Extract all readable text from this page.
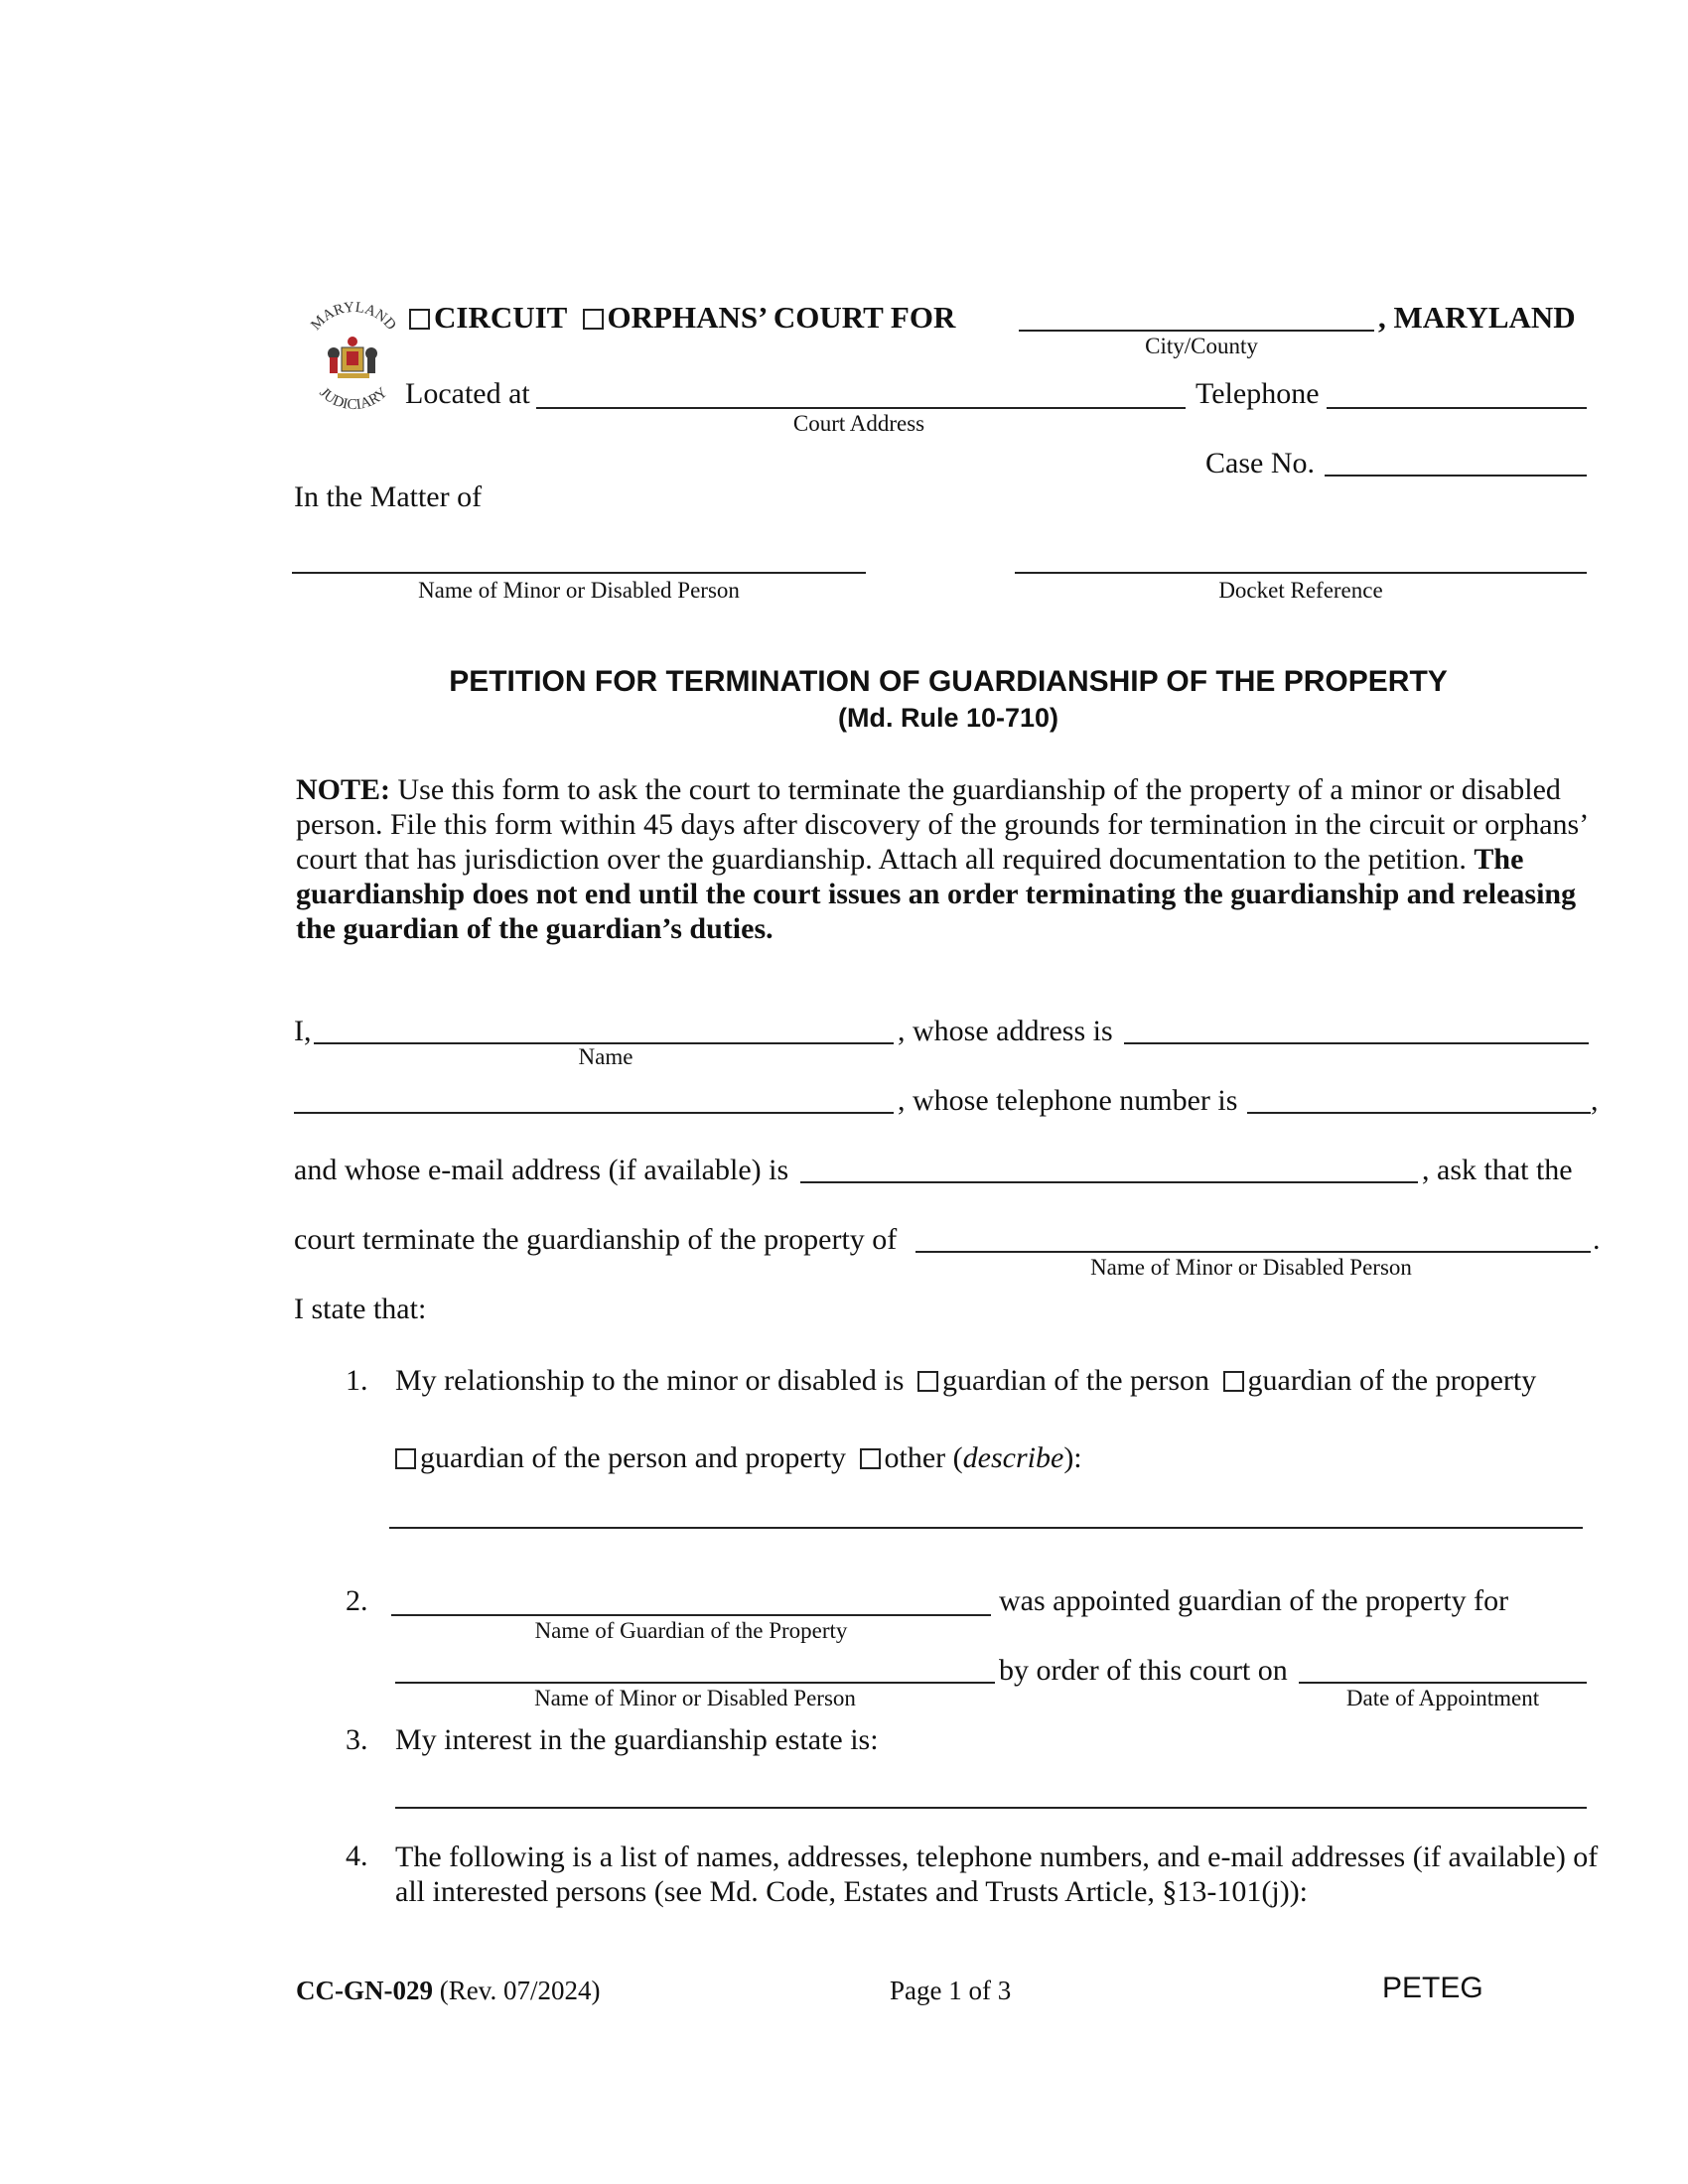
MARYLAND
JUDICIARY
CIRCUIT ORPHANS’ COURT FOR	, MARYLAND
City/County
Located at
Court Address
Telephone
Case No.
In the Matter of
Name of Minor or Disabled Person	Docket Reference
PETITION FOR TERMINATION OF GUARDIANSHIP OF THE PROPERTY
(Md. Rule 10-710)
NOTE: Use this form to ask the court to terminate the guardianship of the property of a minor or disabled person. File this form within 45 days after discovery of the grounds for termination in the circuit or orphans’ court that has jurisdiction over the guardianship. Attach all required documentation to the petition. The guardianship does not end until the court issues an order terminating the guardianship and releasing the guardian of the guardian’s duties.
I,
Name
, whose address is
, whose telephone number is	,
and whose e-mail address (if available) is	, ask that the
court terminate the guardianship of the property of	.
Name of Minor or Disabled Person
I state that:
1. My relationship to the minor or disabled is guardian of the person guardian of the property
guardian of the person and property other (describe):
2.
Name of Guardian of the Property
was appointed guardian of the property for
Name of Minor or Disabled Person
by order of this court on
Date of Appointment
3. My interest in the guardianship estate is:
4. The following is a list of names, addresses, telephone numbers, and e-mail addresses (if available) of all interested persons (see Md. Code, Estates and Trusts Article, §13-101(j)):
CC-GN-029 (Rev. 07/2024)	Page 1 of 3	PETEG
